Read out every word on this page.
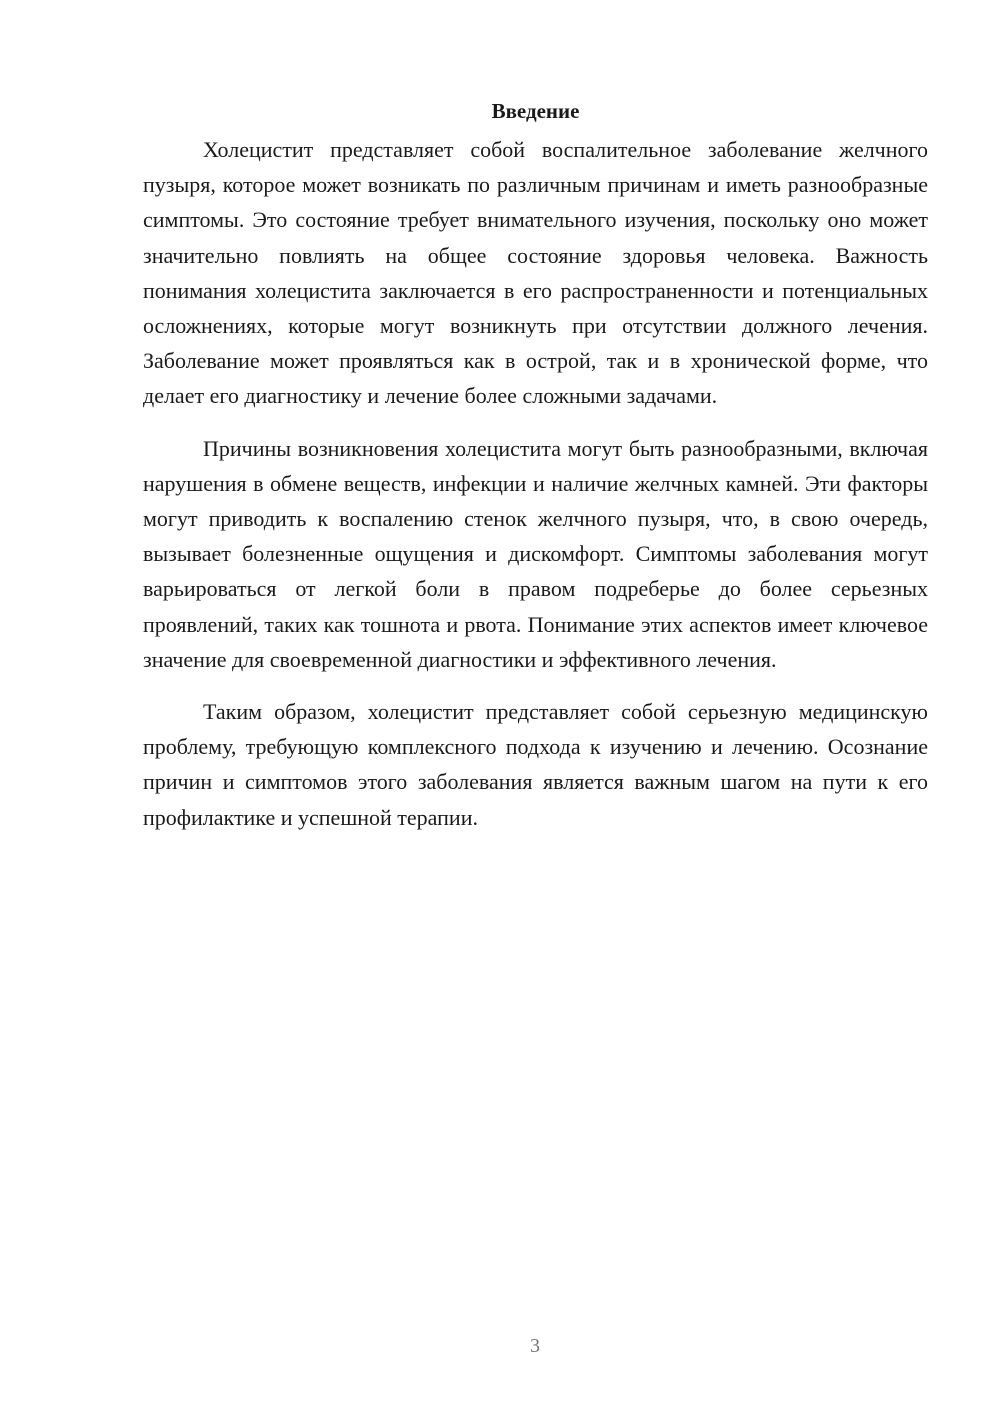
Введение

Холецистит представляет собой воспалительное заболевание желчного пузыря, которое может возникать по различным причинам и иметь разнообразные симптомы. Это состояние требует внимательного изучения, поскольку оно может значительно повлиять на общее состояние здоровья человека. Важность понимания холецистита заключается в его распространенности и потенциальных осложнениях, которые могут возникнуть при отсутствии должного лечения. Заболевание может проявляться как в острой, так и в хронической форме, что делает его диагностику и лечение более сложными задачами.

Причины возникновения холецистита могут быть разнообразными, включая нарушения в обмене веществ, инфекции и наличие желчных камней. Эти факторы могут приводить к воспалению стенок желчного пузыря, что, в свою очередь, вызывает болезненные ощущения и дискомфорт. Симптомы заболевания могут варьироваться от легкой боли в правом подреберье до более серьезных проявлений, таких как тошнота и рвота. Понимание этих аспектов имеет ключевое значение для своевременной диагностики и эффективного лечения.

Таким образом, холецистит представляет собой серьезную медицинскую проблему, требующую комплексного подхода к изучению и лечению. Осознание причин и симптомов этого заболевания является важным шагом на пути к его профилактике и успешной терапии.

3
